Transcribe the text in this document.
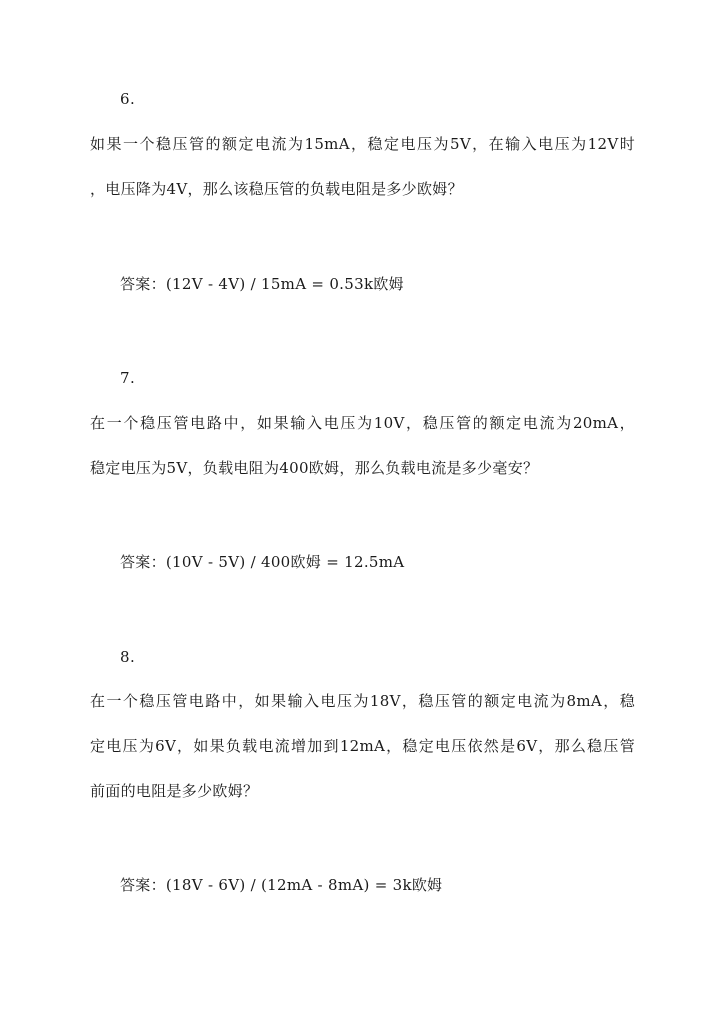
6.
如果一个稳压管的额定电流为15mA，稳定电压为5V，在输入电压为12V时
，电压降为4V，那么该稳压管的负载电阻是多少欧姆？
答案：(12V - 4V) / 15mA = 0.53k欧姆
7.
在一个稳压管电路中，如果输入电压为10V，稳压管的额定电流为20mA，
稳定电压为5V，负载电阻为400欧姆，那么负载电流是多少毫安？
答案：(10V - 5V) / 400欧姆 = 12.5mA
8.
在一个稳压管电路中，如果输入电压为18V，稳压管的额定电流为8mA，稳
定电压为6V，如果负载电流增加到12mA，稳定电压依然是6V，那么稳压管
前面的电阻是多少欧姆？
答案：(18V - 6V) / (12mA - 8mA) = 3k欧姆
